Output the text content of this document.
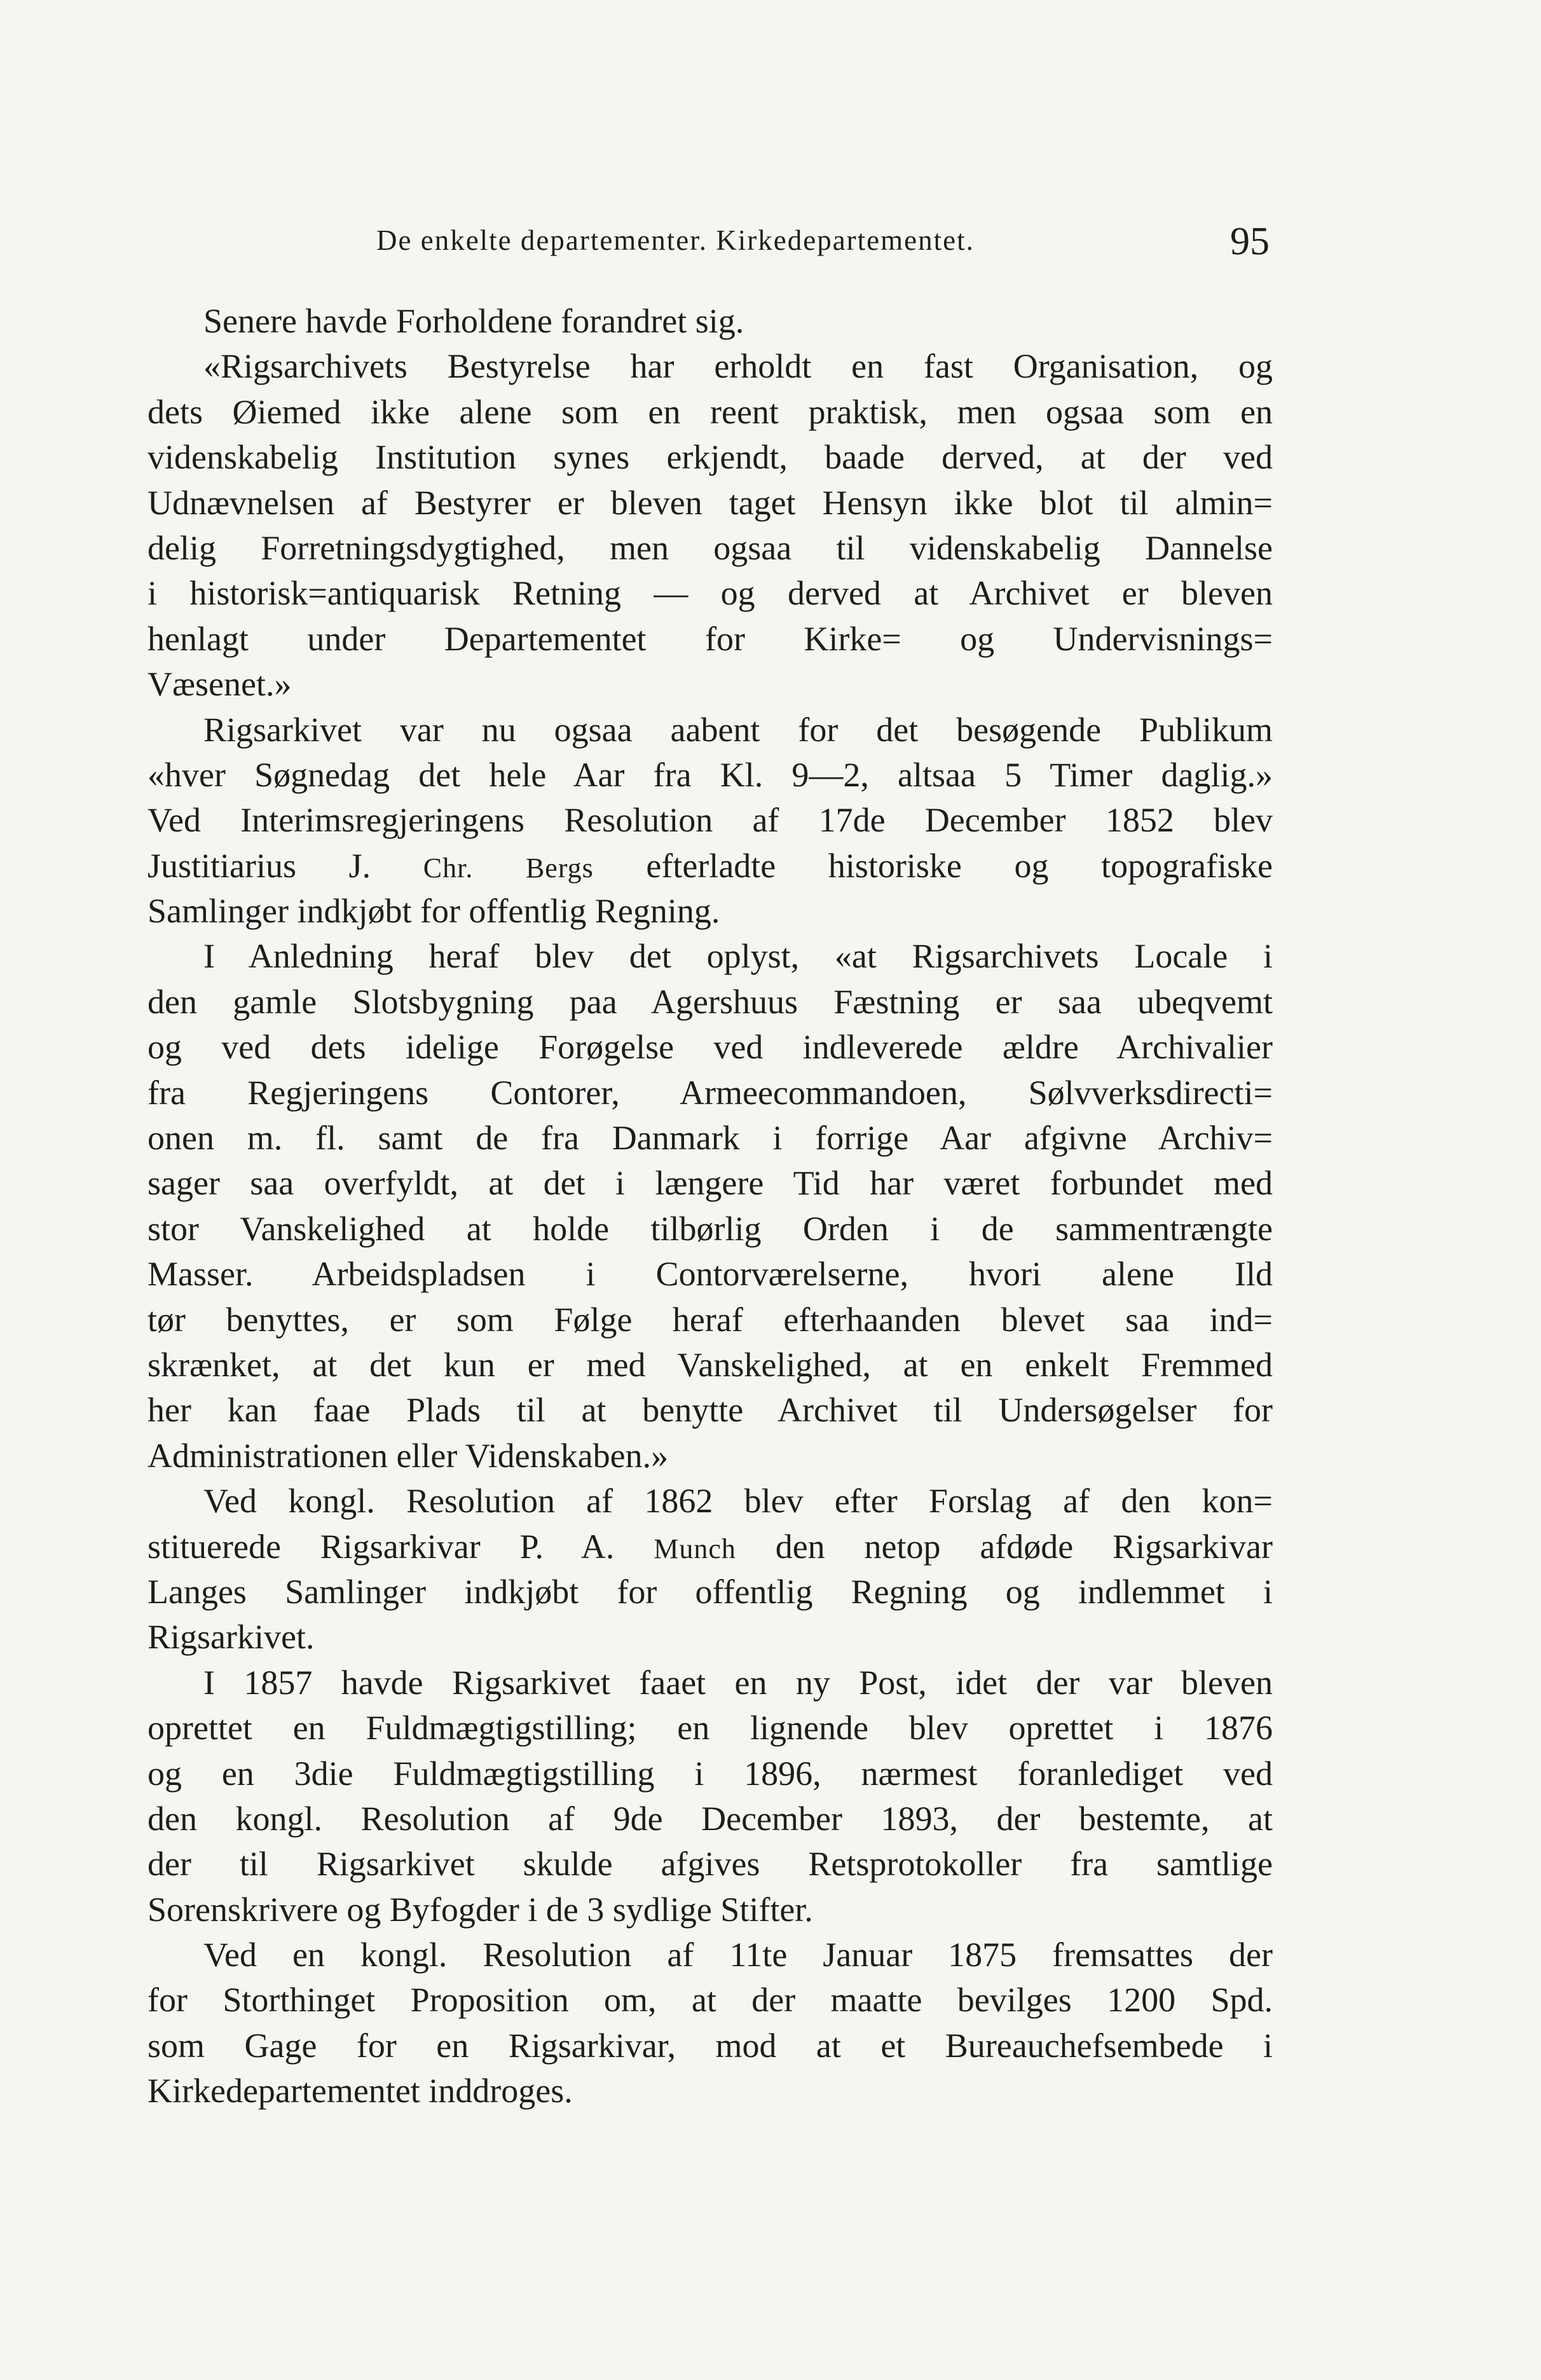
De enkelte departementer. Kirkedepartementet.	95
Senere havde Forholdene forandret sig.
«Rigsarchivets Bestyrelse har erholdt en fast Organisation, og
dets Øiemed ikke alene som en reent praktisk, men ogsaa som en
videnskabelig Institution synes erkjendt, baade derved, at der ved
Udnævnelsen af Bestyrer er bleven taget Hensyn ikke blot til almin=
delig Forretningsdygtighed, men ogsaa til videnskabelig Dannelse
i historisk=antiquarisk Retning — og derved at Archivet er bleven
henlagt under Departementet for Kirke= og Undervisnings=
Væsenet.»
Rigsarkivet var nu ogsaa aabent for det besøgende Publikum
«hver Søgnedag det hele Aar fra Kl. 9—2, altsaa 5 Timer daglig.»
Ved Interimsregjeringens Resolution af 17de December 1852 blev
Justitiarius J. Chr. Bergs efterladte historiske og topografiske
Samlinger indkjøbt for offentlig Regning.
I Anledning heraf blev det oplyst, «at Rigsarchivets Locale i
den gamle Slotsbygning paa Agershuus Fæstning er saa ubeqvemt
og ved dets idelige Forøgelse ved indleverede ældre Archivalier
fra Regjeringens Contorer, Armeecommandoen, Sølvverksdirecti=
onen m. fl. samt de fra Danmark i forrige Aar afgivne Archiv=
sager saa overfyldt, at det i længere Tid har været forbundet med
stor Vanskelighed at holde tilbørlig Orden i de sammentrængte
Masser. Arbeidspladsen i Contorværelserne, hvori alene Ild
tør benyttes, er som Følge heraf efterhaanden blevet saa ind=
skrænket, at det kun er med Vanskelighed, at en enkelt Fremmed
her kan faae Plads til at benytte Archivet til Undersøgelser for
Administrationen eller Videnskaben.»
Ved kongl. Resolution af 1862 blev efter Forslag af den kon=
stituerede Rigsarkivar P. A. Munch den netop afdøde Rigsarkivar
Langes Samlinger indkjøbt for offentlig Regning og indlemmet i
Rigsarkivet.
I 1857 havde Rigsarkivet faaet en ny Post, idet der var bleven
oprettet en Fuldmægtigstilling; en lignende blev oprettet i 1876
og en 3die Fuldmægtigstilling i 1896, nærmest foranlediget ved
den kongl. Resolution af 9de December 1893, der bestemte, at
der til Rigsarkivet skulde afgives Retsprotokoller fra samtlige
Sorenskrivere og Byfogder i de 3 sydlige Stifter.
Ved en kongl. Resolution af 11te Januar 1875 fremsattes der
for Storthinget Proposition om, at der maatte bevilges 1200 Spd.
som Gage for en Rigsarkivar, mod at et Bureauchefsembede i
Kirkedepartementet inddroges.
